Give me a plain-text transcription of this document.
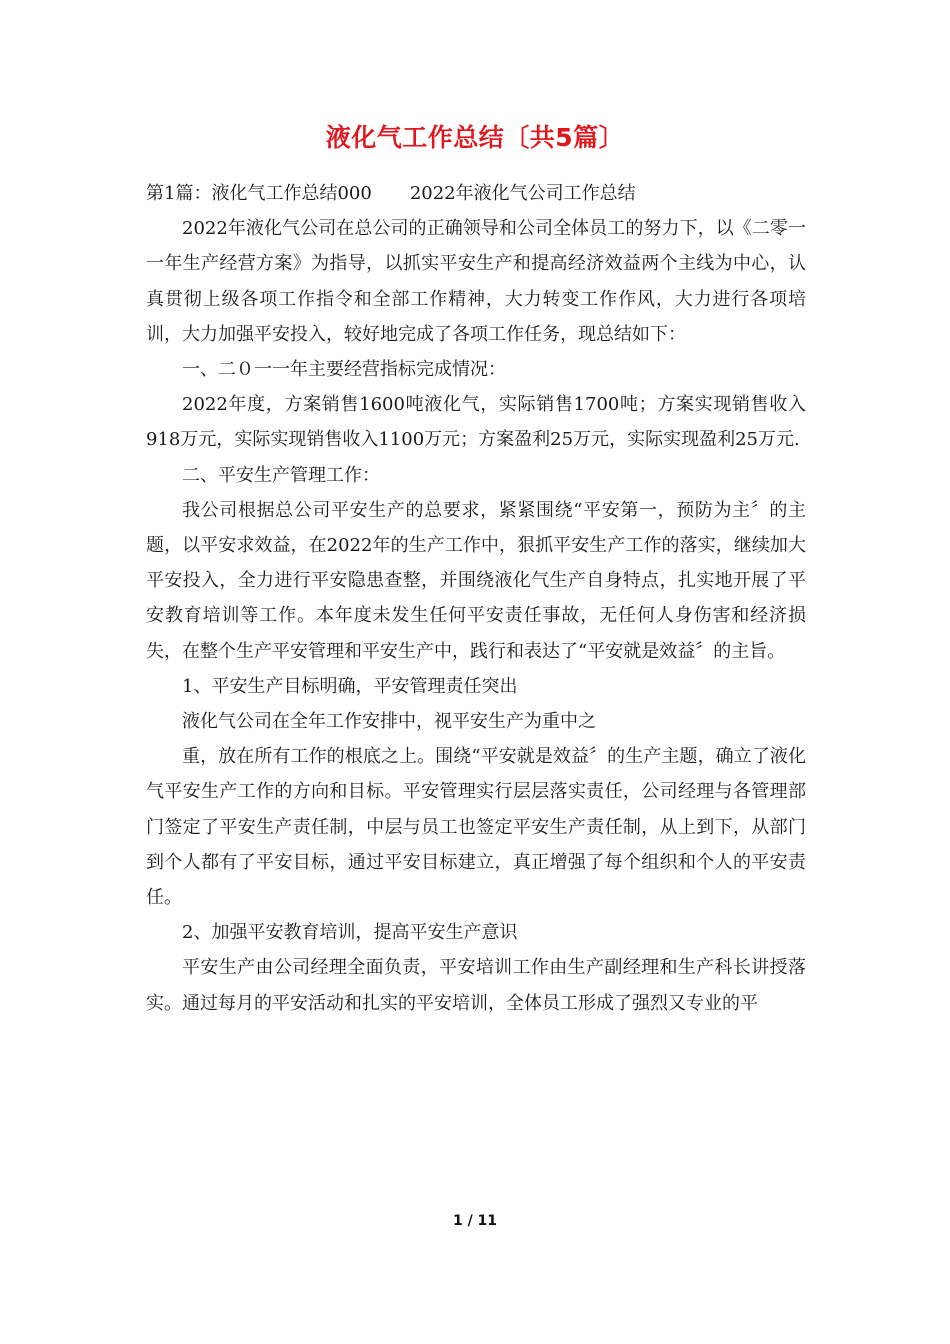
液化气工作总结〔共5篇〕

第1篇：液化气工作总结000 2022年液化气公司工作总结

2022年液化气公司在总公司的正确领导和公司全体员工的努力下，以《二零一一年生产经营方案》为指导，以抓实平安生产和提高经济效益两个主线为中心，认真贯彻上级各项工作指令和全部工作精神，大力转变工作作风，大力进行各项培训，大力加强平安投入，较好地完成了各项工作任务，现总结如下：

一、二０一一年主要经营指标完成情况：

2022年度，方案销售1600吨液化气，实际销售1700吨；方案实现销售收入918万元，实际实现销售收入1100万元；方案盈利25万元，实际实现盈利25万元.

二、平安生产管理工作：

我公司根据总公司平安生产的总要求，紧紧围绕“平安第一，预防为主〞的主题，以平安求效益，在2022年的生产工作中，狠抓平安生产工作的落实，继续加大平安投入，全力进行平安隐患查整，并围绕液化气生产自身特点，扎实地开展了平安教育培训等工作。本年度未发生任何平安责任事故，无任何人身伤害和经济损失，在整个生产平安管理和平安生产中，践行和表达了“平安就是效益〞的主旨。

1、平安生产目标明确，平安管理责任突出

液化气公司在全年工作安排中，视平安生产为重中之

重，放在所有工作的根底之上。围绕“平安就是效益〞的生产主题，确立了液化气平安生产工作的方向和目标。平安管理实行层层落实责任，公司经理与各管理部门签定了平安生产责任制，中层与员工也签定平安生产责任制，从上到下，从部门到个人都有了平安目标，通过平安目标建立，真正增强了每个组织和个人的平安责任。

2、加强平安教育培训，提高平安生产意识

平安生产由公司经理全面负责，平安培训工作由生产副经理和生产科长讲授落实。通过每月的平安活动和扎实的平安培训，全体员工形成了强烈又专业的平

1 / 11
